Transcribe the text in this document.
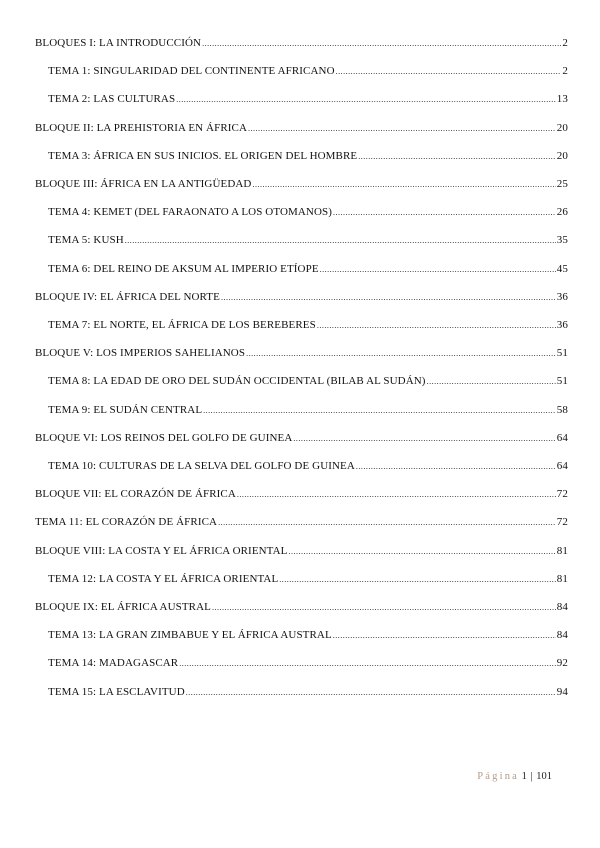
BLOQUES I: LA INTRODUCCIÓN .....	2
TEMA 1: SINGULARIDAD DEL CONTINENTE AFRICANO .....	2
TEMA 2: LAS CULTURAS .....	13
BLOQUE II: LA PREHISTORIA EN ÁFRICA .....	20
TEMA 3: ÁFRICA EN SUS INICIOS. EL ORIGEN DEL HOMBRE .....	20
BLOQUE III: ÁFRICA EN LA ANTIGÜEDAD .....	25
TEMA 4: KEMET (DEL FARAONATO A LOS OTOMANOS) .....	26
TEMA 5: KUSH .....	35
TEMA 6: DEL REINO DE AKSUM AL IMPERIO ETÍOPE .....	45
BLOQUE IV: EL ÁFRICA DEL NORTE .....	36
TEMA 7: EL NORTE, EL ÁFRICA DE LOS BEREBERES .....	36
BLOQUE V: LOS IMPERIOS SAHELIANOS .....	51
TEMA 8: LA EDAD DE ORO DEL SUDÁN OCCIDENTAL (BILAB AL SUDÁN) .....	51
TEMA 9: EL SUDÁN CENTRAL .....	58
BLOQUE VI: LOS REINOS DEL GOLFO DE GUINEA .....	64
TEMA 10: CULTURAS DE LA SELVA DEL GOLFO DE GUINEA .....	64
BLOQUE VII: EL CORAZÓN DE ÁFRICA .....	72
TEMA 11: EL CORAZÓN DE ÁFRICA .....	72
BLOQUE VIII: LA COSTA Y EL ÁFRICA ORIENTAL .....	81
TEMA 12: LA COSTA Y EL ÁFRICA ORIENTAL .....	81
BLOQUE IX: EL ÁFRICA AUSTRAL .....	84
TEMA 13: LA GRAN ZIMBABUE Y EL ÁFRICA AUSTRAL .....	84
TEMA 14: MADAGASCAR .....	92
TEMA 15: LA ESCLAVITUD .....	94
Página 1 | 101
